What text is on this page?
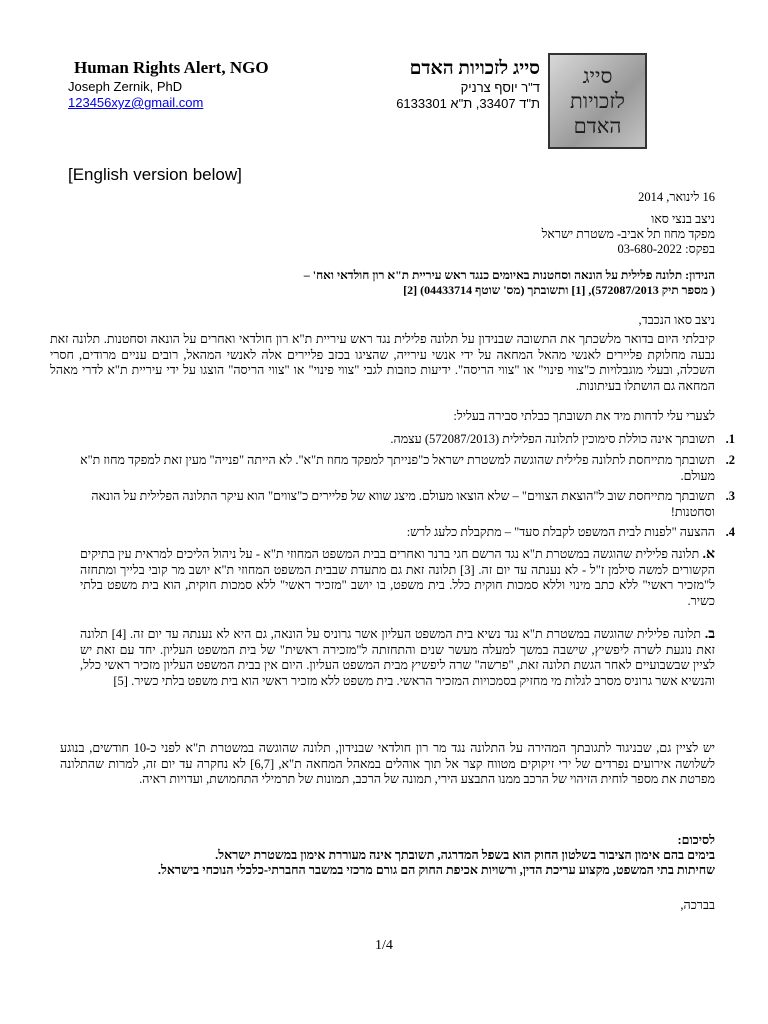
Human Rights Alert, NGO
Joseph Zernik, PhD
123456xyz@gmail.com
סייג לזכויות האדם
ד"ר יוסף צרניק
ת"ד 33407, ת"א 6133301
סייג
לזכויות
האדם
[English version below]
16 לינואר, 2014
ניצב בנצי סאו
מפקד מחוז תל אביב- משטרת ישראל
בפקס: 03-680-2022
הנידון: תלונה פלילית על הונאה וסחטנות באיומים כנגד ראש עיריית ת"א רון חולדאי ואח' –
( מספר תיק 572087/2013), [1] ותשובתך (מס' שוטף 04433714) [2]
ניצב סאו הנכבד,
קיבלתי היום בדואר מלשכתך את התשובה שבנידון על תלונה פלילית נגד ראש עיריית ת"א רון חולדאי ואחרים על הונאה וסחטנות. תלונה זאת נבעה מחלוקת פליירים לאנשי מהאל המחאה על ידי אנשי עירייה, שהציגו בכזב פליירים אלה לאנשי המהאל, רובים עניים מרודים, חסרי השכלה, ובעלי מוגבלויות כ"צווי פינוי" או "צווי הריסה". ידיעות כוזבות לגבי "צווי פינוי" או "צווי הריסה" הוצגו על ידי עיריית ת"א לדרי מאהל המחאה גם הושתלו בעיתונות.
לצערי עלי לדחות מיד את תשובתך כבלתי סבירה בעליל:
1.
תשובתך אינה כוללת סימוכין לתלונה הפלילית (572087/2013) עצמה.
2.
תשובתך מתייחסת לתלונה פלילית שהוגשה למשטרת ישראל כ"פנייתך למפקד מחוז ת"א". לא הייתה "פנייה" מעין זאת למפקד מחוז ת"א מעולם.
3.
תשובתך מתייחסת שוב ל"הוצאת הצווים" – שלא הוצאו מעולם. מיצג שווא של פליירים כ"צווים" הוא עיקר התלונה הפלילית על הונאה וסחטנות!
4.
ההצעה "לפנות לבית המשפט לקבלת סעד" – מתקבלת כלעג לרש:
א. תלונה פלילית שהוגשה במשטרת ת"א נגד הרשם חגי ברנר ואחרים בבית המשפט המחוזי ת"א - על ניהול הליכים למראית עין בתיקים הקשורים למשה סילמן ז"ל - לא נענתה עד יום זה. [3] תלונה זאת גם מתעדת שבבית המשפט המחוזי ת"א יושב מר קובי בלייך ומתחזה ל"מזכיר ראשי" ללא כתב מינוי וללא סמכות חוקית כלל. בית משפט, בו יושב "מזכיר ראשי" ללא סמכות חוקית, הוא בית משפט בלתי כשיר.
ב. תלונה פלילית שהוגשה במשטרת ת"א נגד נשיא בית המשפט העליון אשר גרוניס על הונאה, גם היא לא נענתה עד יום זה. [4] תלונה זאת נוגעת לשרה ליפשיץ, שישבה במשך למעלה מעשר שנים והתחזתה ל"מזכירה ראשית" של בית המשפט העליון. יחד עם זאת יש לציין שבשבועיים לאחר הגשת תלונה זאת, "פרשה" שרה ליפשיץ מבית המשפט העליון. היום אין בבית המשפט העליון מזכיר ראשי כלל, והנשיא אשר גרוניס מסרב לגלות מי מחזיק בסמכויות המזכיר הראשי. בית משפט ללא מזכיר ראשי הוא בית משפט בלתי כשיר. [5]
יש לציין גם, שבניגוד לתגובתך המהירה על התלונה נגד מר רון חולדאי שבנידון, תלונה שהוגשה במשטרת ת"א לפני כ-10 חודשים, בנוגע לשלושה אירועים נפרדים של ירי זיקוקים מטווח קצר אל תוך אוהלים במאהל המחאה ת"א, [6,7] לא נחקרה עד יום זה, למרות שהתלונה מפרטת את מספר לוחית הזיהוי של הרכב ממנו התבצע הירי, תמונה של הרכב, תמונות של תרמילי התחמושת, ועדויות ראיה.
לסיכום:
בימים בהם אימון הציבור בשלטון החוק הוא בשפל המדרגה, תשובתך אינה מעוררת אימון במשטרת ישראל.
שחיתות בתי המשפט, מקצוע עריכת הדין, ורשויות אכיפת החוק הם גורם מרכזי במשבר החברתי-כלכלי הנוכחי בישראל.
בברכה,
1/4
